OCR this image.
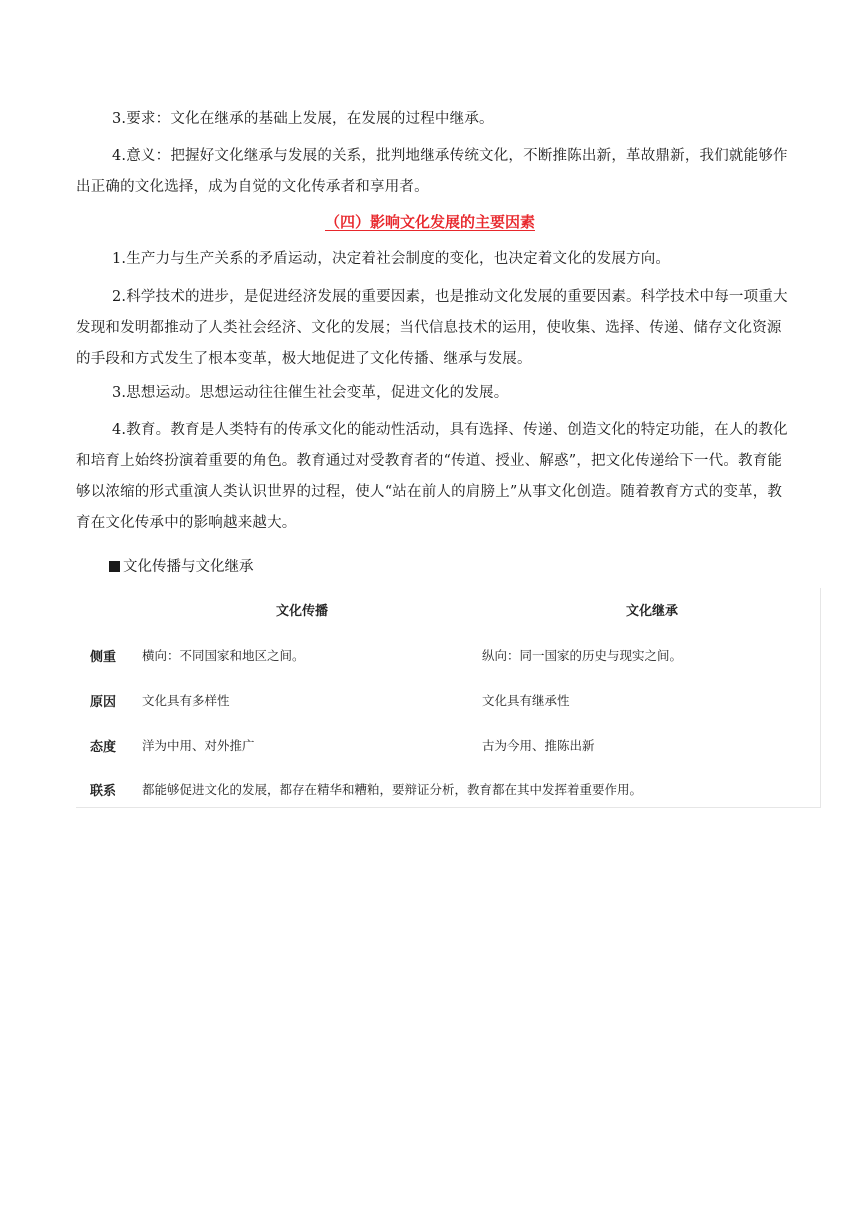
3.要求：文化在继承的基础上发展，在发展的过程中继承。

4.意义：把握好文化继承与发展的关系，批判地继承传统文化，不断推陈出新，革故鼎新，我们就能够作出正确的文化选择，成为自觉的文化传承者和享用者。

（四）影响文化发展的主要因素

1.生产力与生产关系的矛盾运动，决定着社会制度的变化，也决定着文化的发展方向。

2.科学技术的进步，是促进经济发展的重要因素，也是推动文化发展的重要因素。科学技术中每一项重大发现和发明都推动了人类社会经济、文化的发展；当代信息技术的运用，使收集、选择、传递、储存文化资源的手段和方式发生了根本变革，极大地促进了文化传播、继承与发展。

3.思想运动。思想运动往往催生社会变革，促进文化的发展。

4.教育。教育是人类特有的传承文化的能动性活动，具有选择、传递、创造文化的特定功能，在人的教化和培育上始终扮演着重要的角色。教育通过对受教育者的“传道、授业、解惑”，把文化传递给下一代。教育能够以浓缩的形式重演人类认识世界的过程，使人“站在前人的肩膀上”从事文化创造。随着教育方式的变革，教育在文化传承中的影响越来越大。

文化传播与文化继承

文化传播	文化继承
侧重 横向：不同国家和地区之间。	纵向：同一国家的历史与现实之间。
原因 文化具有多样性	文化具有继承性
态度 洋为中用、对外推广	古为今用、推陈出新
联系 都能够促进文化的发展，都存在精华和糟粕，要辩证分析，教育都在其中发挥着重要作用。
